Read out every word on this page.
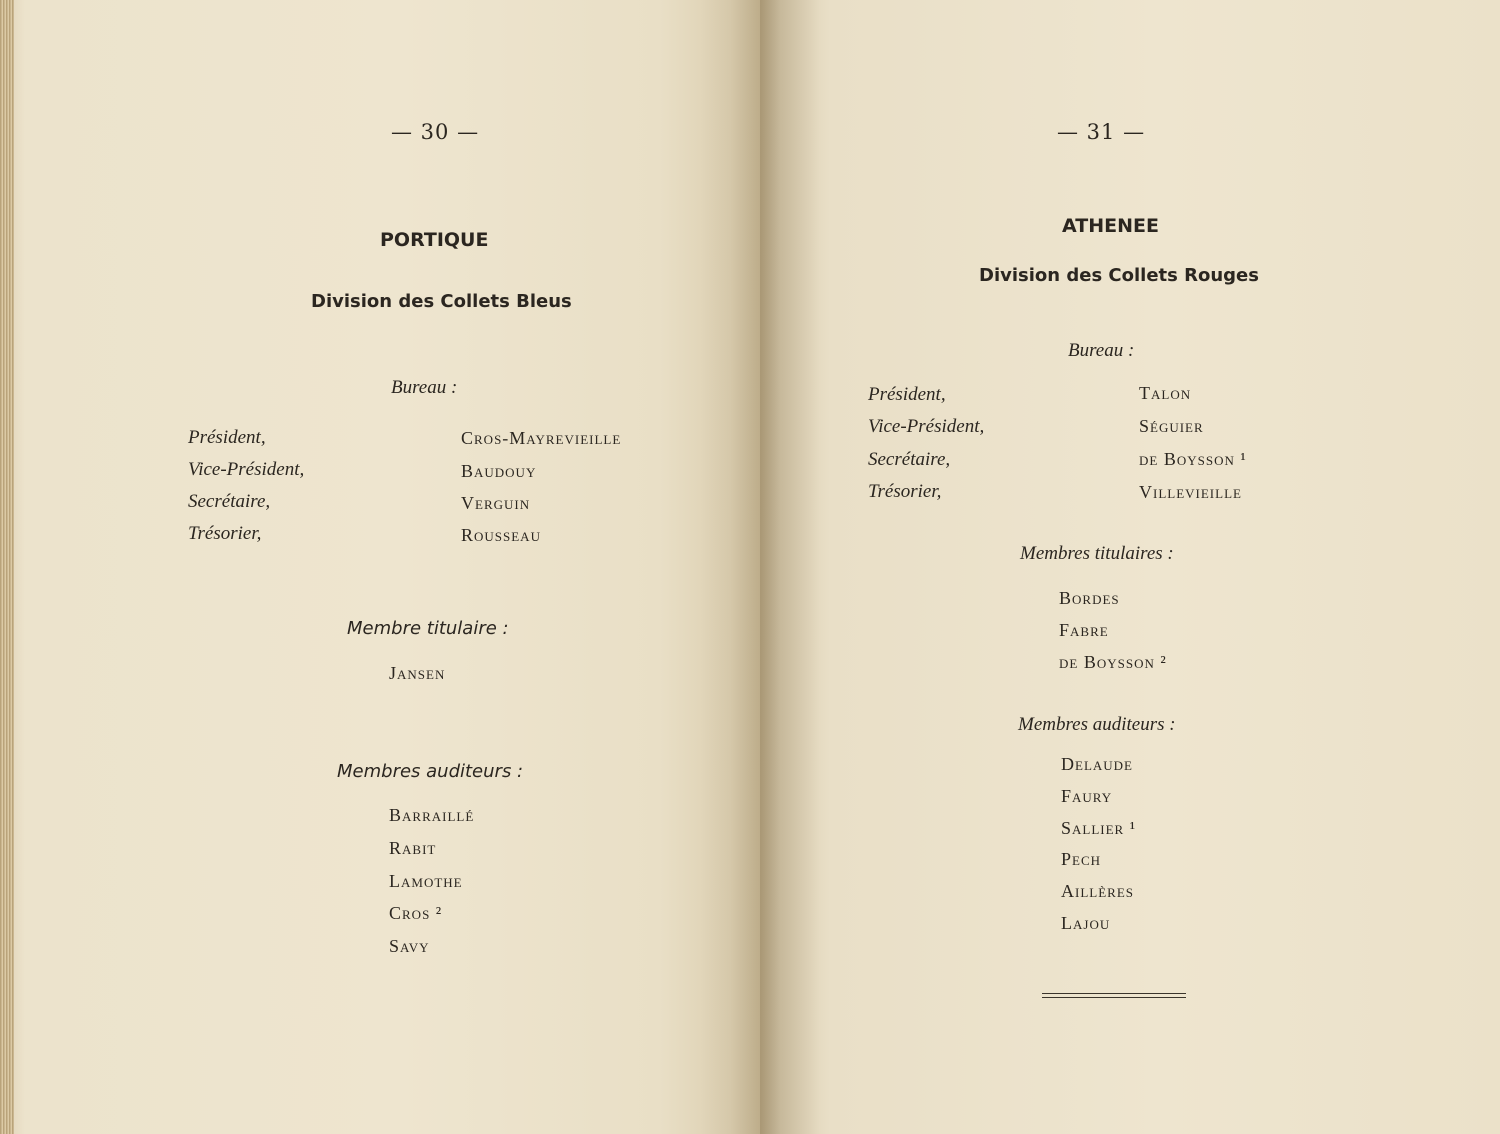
— 30 —
PORTIQUE
Division des Collets Bleus
Bureau :
Président,
Vice-Président,
Secrétaire,
Trésorier,
Cros-Mayrevieille
Baudouy
Verguin
Rousseau
Membre titulaire :
Jansen
Membres auditeurs :
Barraillé
Rabit
Lamothe
Cros ²
Savy
— 31 —
ATHENEE
Division des Collets Rouges
Bureau :
Président,
Vice-Président,
Secrétaire,
Trésorier,
Talon
Séguier
de Boysson ¹
Villevieille
Membres titulaires :
Bordes
Fabre
de Boysson ²
Membres auditeurs :
Delaude
Faury
Sallier ¹
Pech
Aillères
Lajou
